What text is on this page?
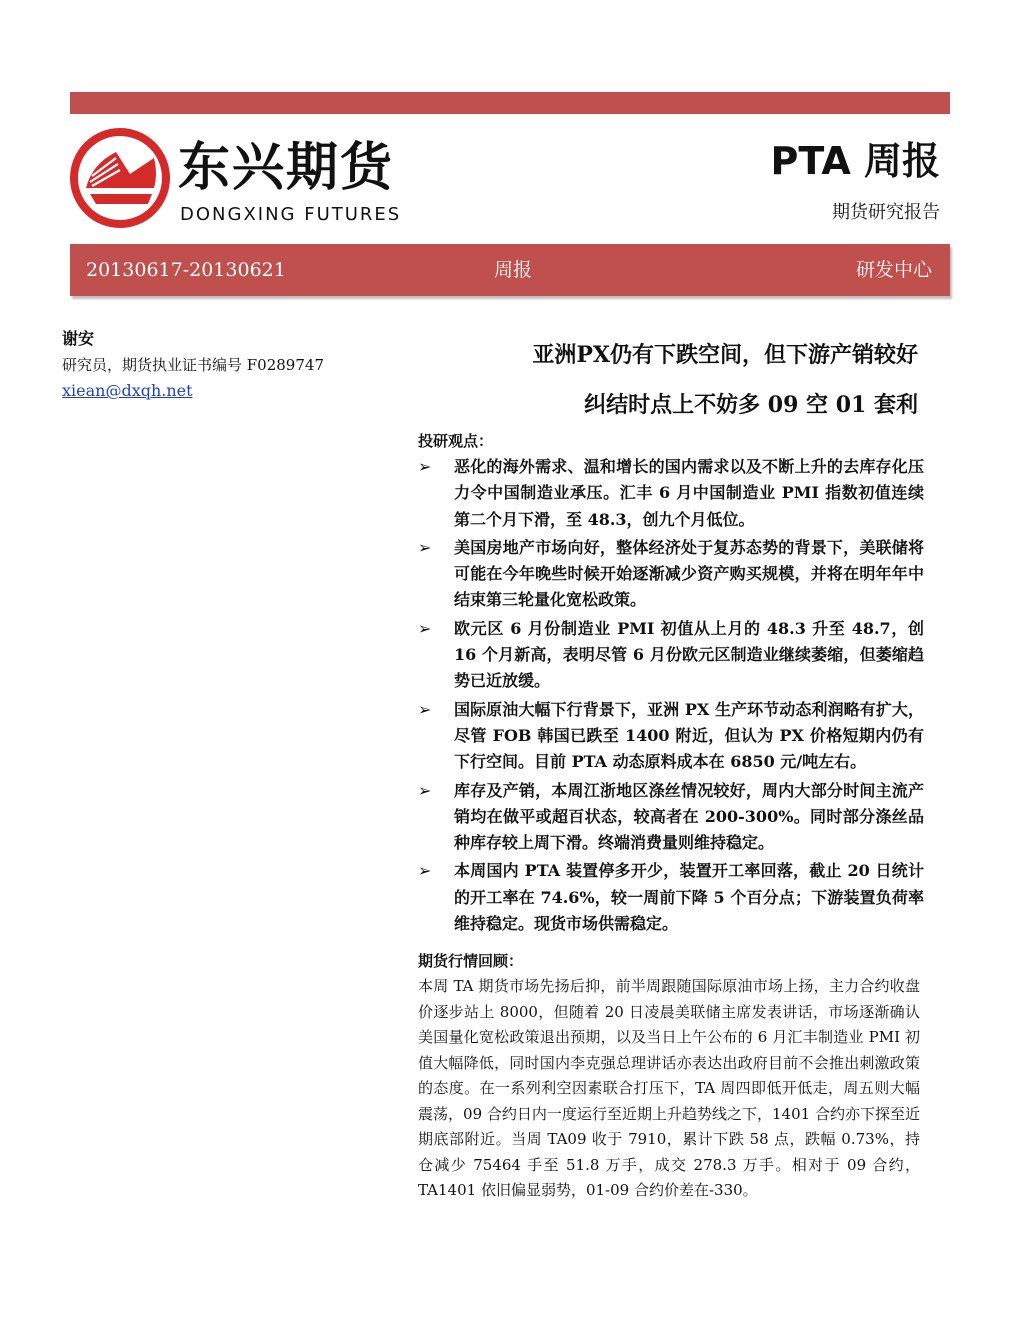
东兴期货
DONGXING FUTURES
PTA 周报
期货研究报告
20130617-20130621	周报	研发中心
谢安
研究员，期货执业证书编号 F0289747
xiean@dxqh.net
亚洲PX仍有下跌空间，但下游产销较好
纠结时点上不妨多 09 空 01 套利
投研观点：
➢ 恶化的海外需求、温和增长的国内需求以及不断上升的去库存化压力令中国制造业承压。汇丰 6 月中国制造业 PMI 指数初值连续第二个月下滑，至 48.3，创九个月低位。
➢ 美国房地产市场向好，整体经济处于复苏态势的背景下，美联储将可能在今年晚些时候开始逐渐减少资产购买规模，并将在明年年中结束第三轮量化宽松政策。
➢ 欧元区 6 月份制造业 PMI 初值从上月的 48.3 升至 48.7，创 16 个月新高，表明尽管 6 月份欧元区制造业继续萎缩，但萎缩趋势已近放缓。
➢ 国际原油大幅下行背景下，亚洲 PX 生产环节动态利润略有扩大，尽管 FOB 韩国已跌至 1400 附近，但认为 PX 价格短期内仍有下行空间。目前 PTA 动态原料成本在 6850 元/吨左右。
➢ 库存及产销，本周江浙地区涤丝情况较好，周内大部分时间主流产销均在做平或超百状态，较高者在 200-300%。同时部分涤丝品种库存较上周下滑。终端消费量则维持稳定。
➢ 本周国内 PTA 装置停多开少，装置开工率回落，截止 20 日统计的开工率在 74.6%，较一周前下降 5 个百分点；下游装置负荷率维持稳定。现货市场供需稳定。
期货行情回顾：

本周 TA 期货市场先扬后抑，前半周跟随国际原油市场上扬，主力合约收盘价逐步站上 8000，但随着 20 日凌晨美联储主席发表讲话，市场逐渐确认美国量化宽松政策退出预期，以及当日上午公布的 6 月汇丰制造业 PMI 初值大幅降低，同时国内李克强总理讲话亦表达出政府目前不会推出刺激政策的态度。在一系列利空因素联合打压下，TA 周四即低开低走，周五则大幅震荡，09 合约日内一度运行至近期上升趋势线之下，1401 合约亦下探至近期底部附近。当周 TA09 收于 7910，累计下跌 58 点，跌幅 0.73%，持仓减少 75464 手至 51.8 万手，成交 278.3 万手。相对于 09 合约，TA1401 依旧偏显弱势，01-09 合约价差在-330。
